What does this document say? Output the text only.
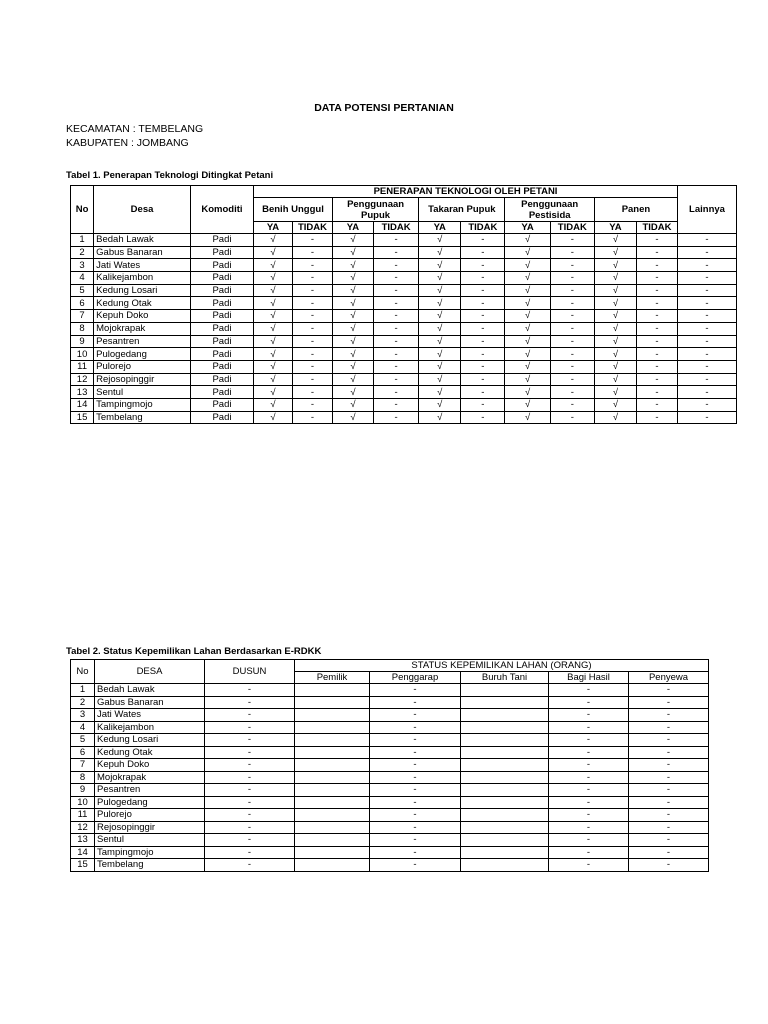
DATA POTENSI PERTANIAN
KECAMATAN : TEMBELANG
KABUPATEN : JOMBANG
Tabel 1. Penerapan Teknologi Ditingkat Petani
No	Desa	Komoditi	PENERAPAN TEKNOLOGI OLEH PETANI										Lainnya
			Benih Unggul		Penggunaan Pupuk		Takaran Pupuk		Penggunaan Pestisida		Panen		
			YA	TIDAK	YA	TIDAK	YA	TIDAK	YA	TIDAK	YA	TIDAK	
1	Bedah Lawak	Padi	√	-	√	-	√	-	√	-	√	-	-
2	Gabus Banaran	Padi	√	-	√	-	√	-	√	-	√	-	-
3	Jati Wates	Padi	√	-	√	-	√	-	√	-	√	-	-
4	Kalikejambon	Padi	√	-	√	-	√	-	√	-	√	-	-
5	Kedung Losari	Padi	√	-	√	-	√	-	√	-	√	-	-
6	Kedung Otak	Padi	√	-	√	-	√	-	√	-	√	-	-
7	Kepuh Doko	Padi	√	-	√	-	√	-	√	-	√	-	-
8	Mojokrapak	Padi	√	-	√	-	√	-	√	-	√	-	-
9	Pesantren	Padi	√	-	√	-	√	-	√	-	√	-	-
10	Pulogedang	Padi	√	-	√	-	√	-	√	-	√	-	-
11	Pulorejo	Padi	√	-	√	-	√	-	√	-	√	-	-
12	Rejosopinggir	Padi	√	-	√	-	√	-	√	-	√	-	-
13	Sentul	Padi	√	-	√	-	√	-	√	-	√	-	-
14	Tampingmojo	Padi	√	-	√	-	√	-	√	-	√	-	-
15	Tembelang	Padi	√	-	√	-	√	-	√	-	√	-	-
Tabel 2. Status Kepemilikan Lahan Berdasarkan E-RDKK
No	DESA	DUSUN	STATUS KEPEMILIKAN LAHAN (ORANG)				
			Pemilik	Penggarap	Buruh Tani	Bagi Hasil	Penyewa
1	Bedah Lawak	-		-		-	-
2	Gabus Banaran	-		-		-	-
3	Jati Wates	-		-		-	-
4	Kalikejambon	-		-		-	-
5	Kedung Losari	-		-		-	-
6	Kedung Otak	-		-		-	-
7	Kepuh Doko	-		-		-	-
8	Mojokrapak	-		-		-	-
9	Pesantren	-		-		-	-
10	Pulogedang	-		-		-	-
11	Pulorejo	-		-		-	-
12	Rejosopinggir	-		-		-	-
13	Sentul	-		-		-	-
14	Tampingmojo	-		-		-	-
15	Tembelang	-		-		-	-
